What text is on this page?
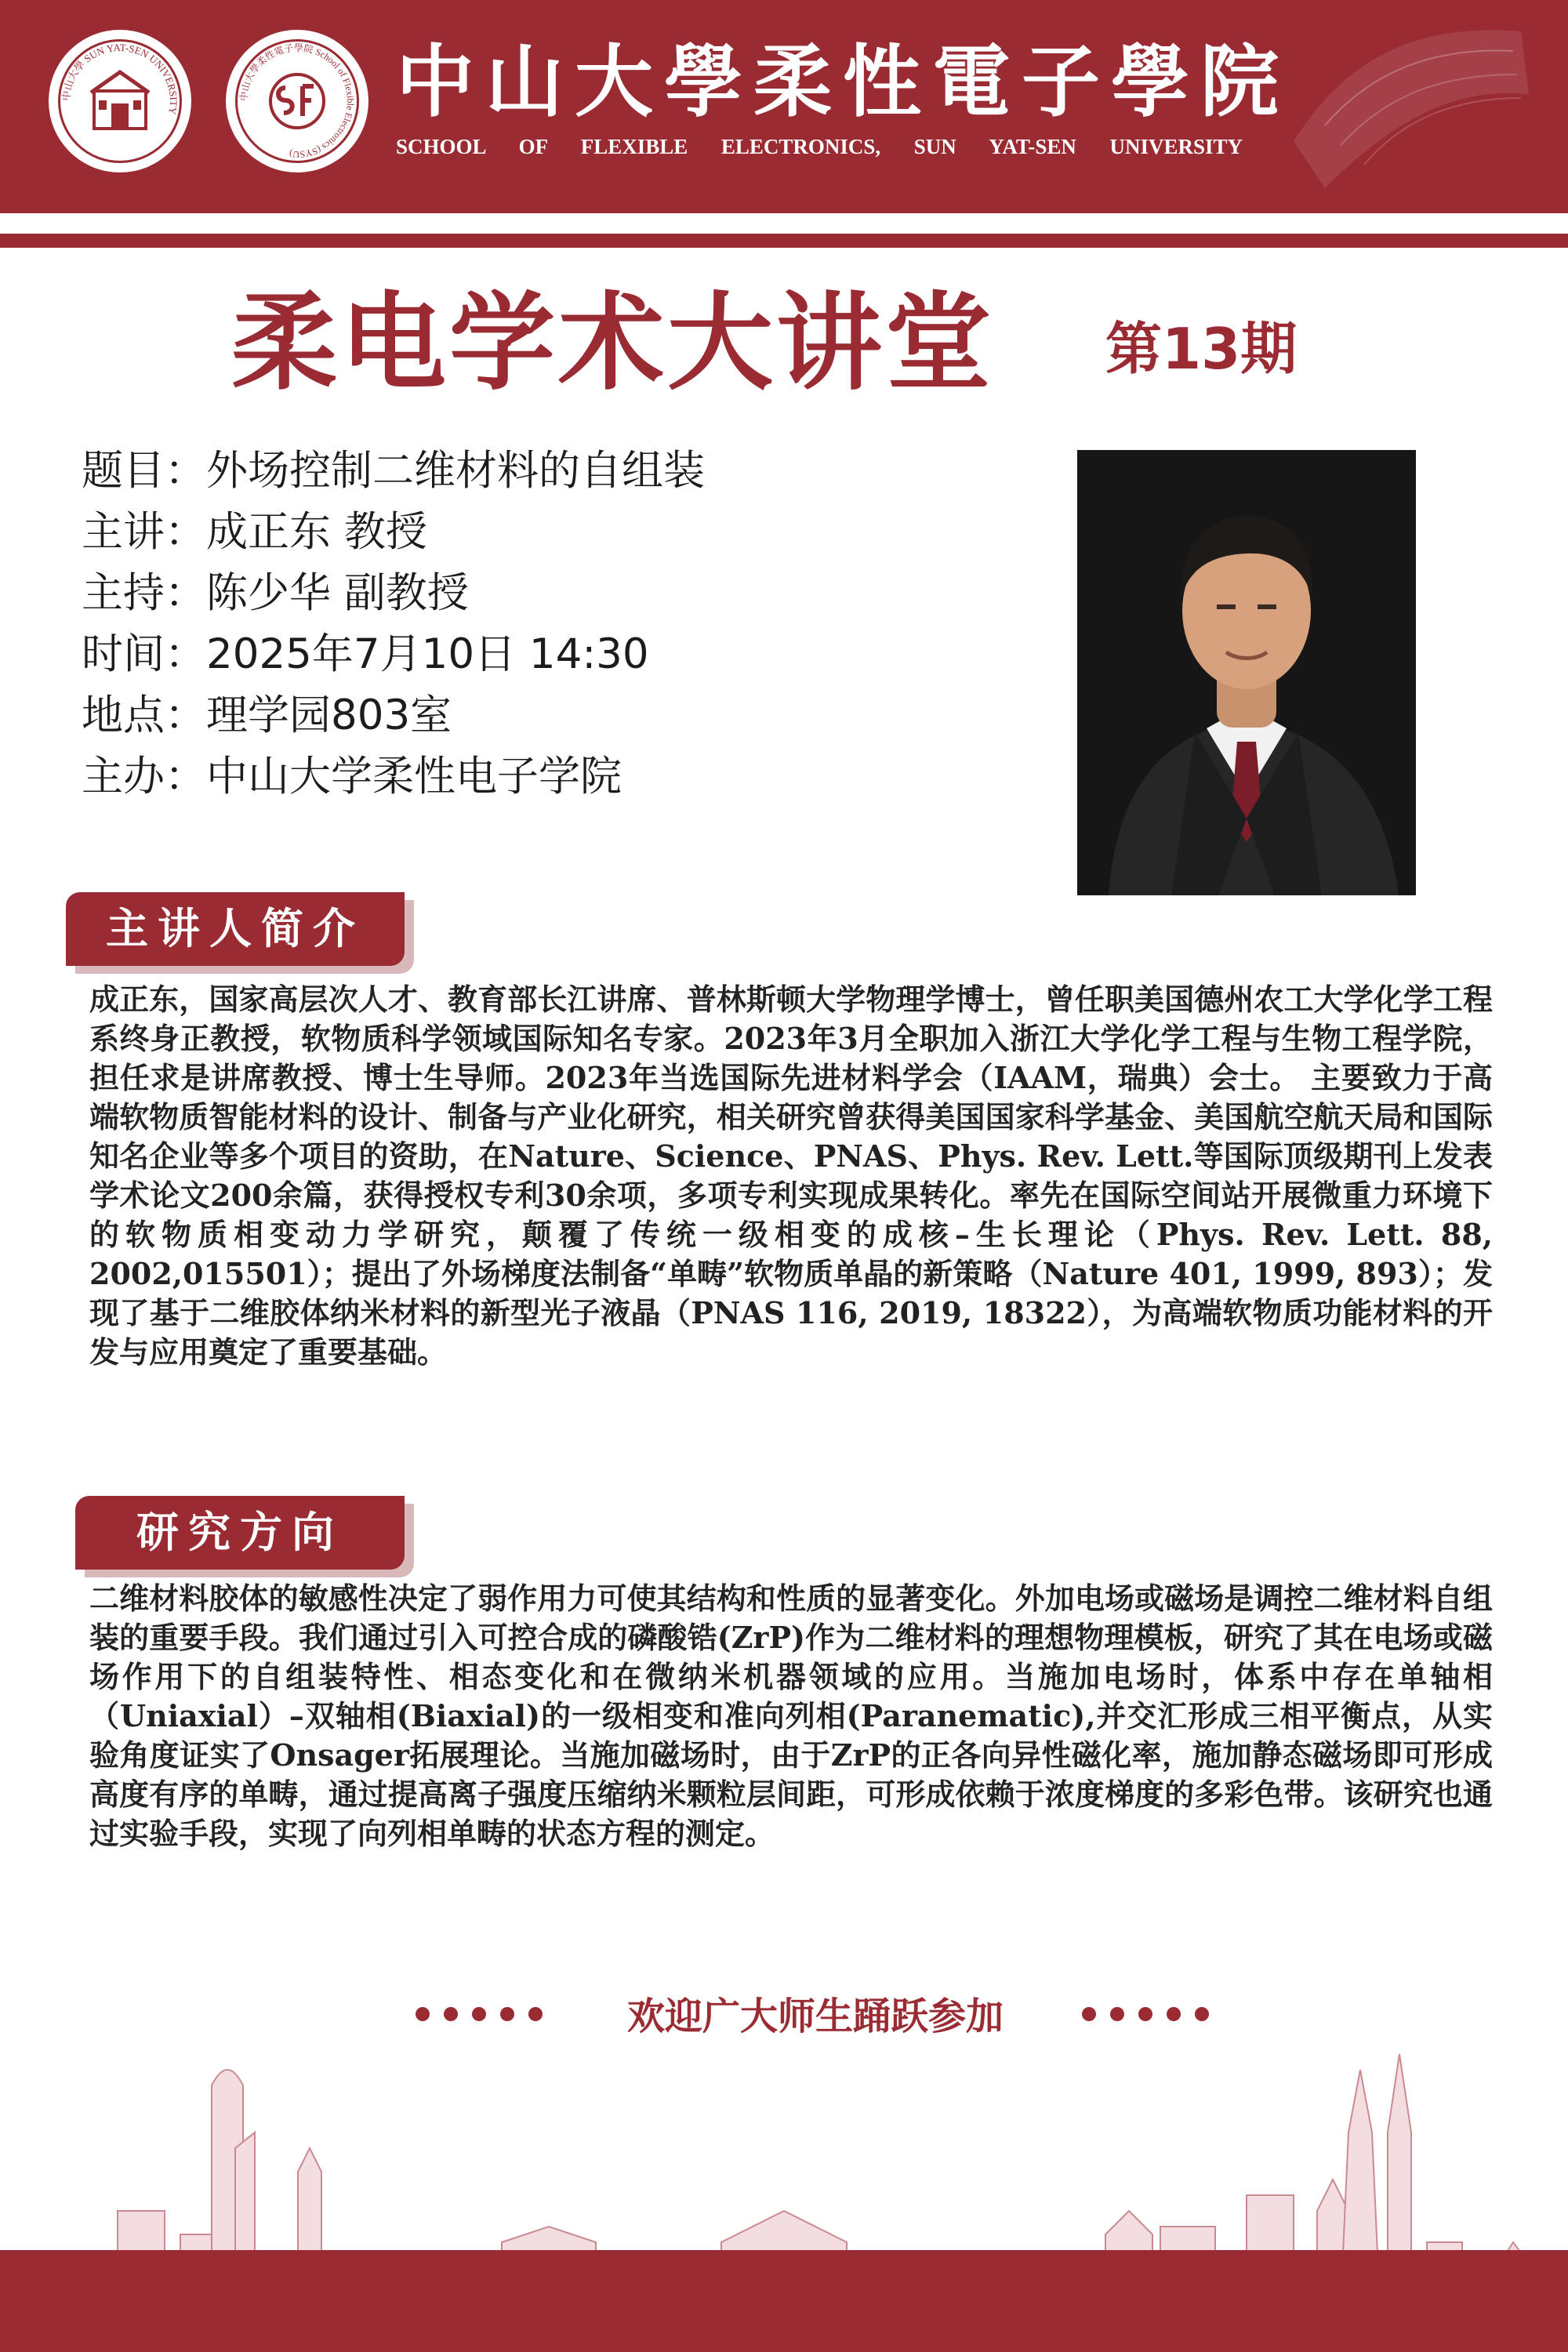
中山大學 SUN YAT-SEN UNIVERSITY
中山大學柔性電子學院 School of Flexible Electronics (SYSU)
中山大學柔性電子學院
SCHOOL OF FLEXIBLE ELECTRONICS, SUN YAT-SEN UNIVERSITY
柔电学术大讲堂 第13期
题目：外场控制二维材料的自组装
主讲：成正东 教授
主持：陈少华 副教授
时间：2025年7月10日 14:30
地点：理学园803室
主办：中山大学柔性电子学院
主讲人简介
成正东，国家高层次人才、教育部长江讲席、普林斯顿大学物理学博士，曾任职美国德州农工大学化学工程系终身正教授，软物质科学领域国际知名专家。2023年3月全职加入浙江大学化学工程与生物工程学院，担任求是讲席教授、博士生导师。2023年当选国际先进材料学会（IAAM，瑞典）会士。 主要致力于高端软物质智能材料的设计、制备与产业化研究，相关研究曾获得美国国家科学基金、美国航空航天局和国际知名企业等多个项目的资助，在Nature、Science、PNAS、Phys. Rev. Lett.等国际顶级期刊上发表学术论文200余篇，获得授权专利30余项，多项专利实现成果转化。率先在国际空间站开展微重力环境下的软物质相变动力学研究，颠覆了传统一级相变的成核–生长理论（Phys. Rev. Lett. 88, 2002,015501）；提出了外场梯度法制备“单畴”软物质单晶的新策略（Nature 401, 1999, 893）；发现了基于二维胶体纳米材料的新型光子液晶（PNAS 116, 2019, 18322），为高端软物质功能材料的开发与应用奠定了重要基础。
研究方向
二维材料胶体的敏感性决定了弱作用力可使其结构和性质的显著变化。外加电场或磁场是调控二维材料自组装的重要手段。我们通过引入可控合成的磷酸锆(ZrP)作为二维材料的理想物理模板，研究了其在电场或磁场作用下的自组装特性、相态变化和在微纳米机器领域的应用。当施加电场时，体系中存在单轴相（Uniaxial）–双轴相(Biaxial)的一级相变和准向列相(Paranematic),并交汇形成三相平衡点，从实验角度证实了Onsager拓展理论。当施加磁场时，由于ZrP的正各向异性磁化率，施加静态磁场即可形成高度有序的单畴，通过提高离子强度压缩纳米颗粒层间距，可形成依赖于浓度梯度的多彩色带。该研究也通过实验手段，实现了向列相单畴的状态方程的测定。
欢迎广大师生踊跃参加
